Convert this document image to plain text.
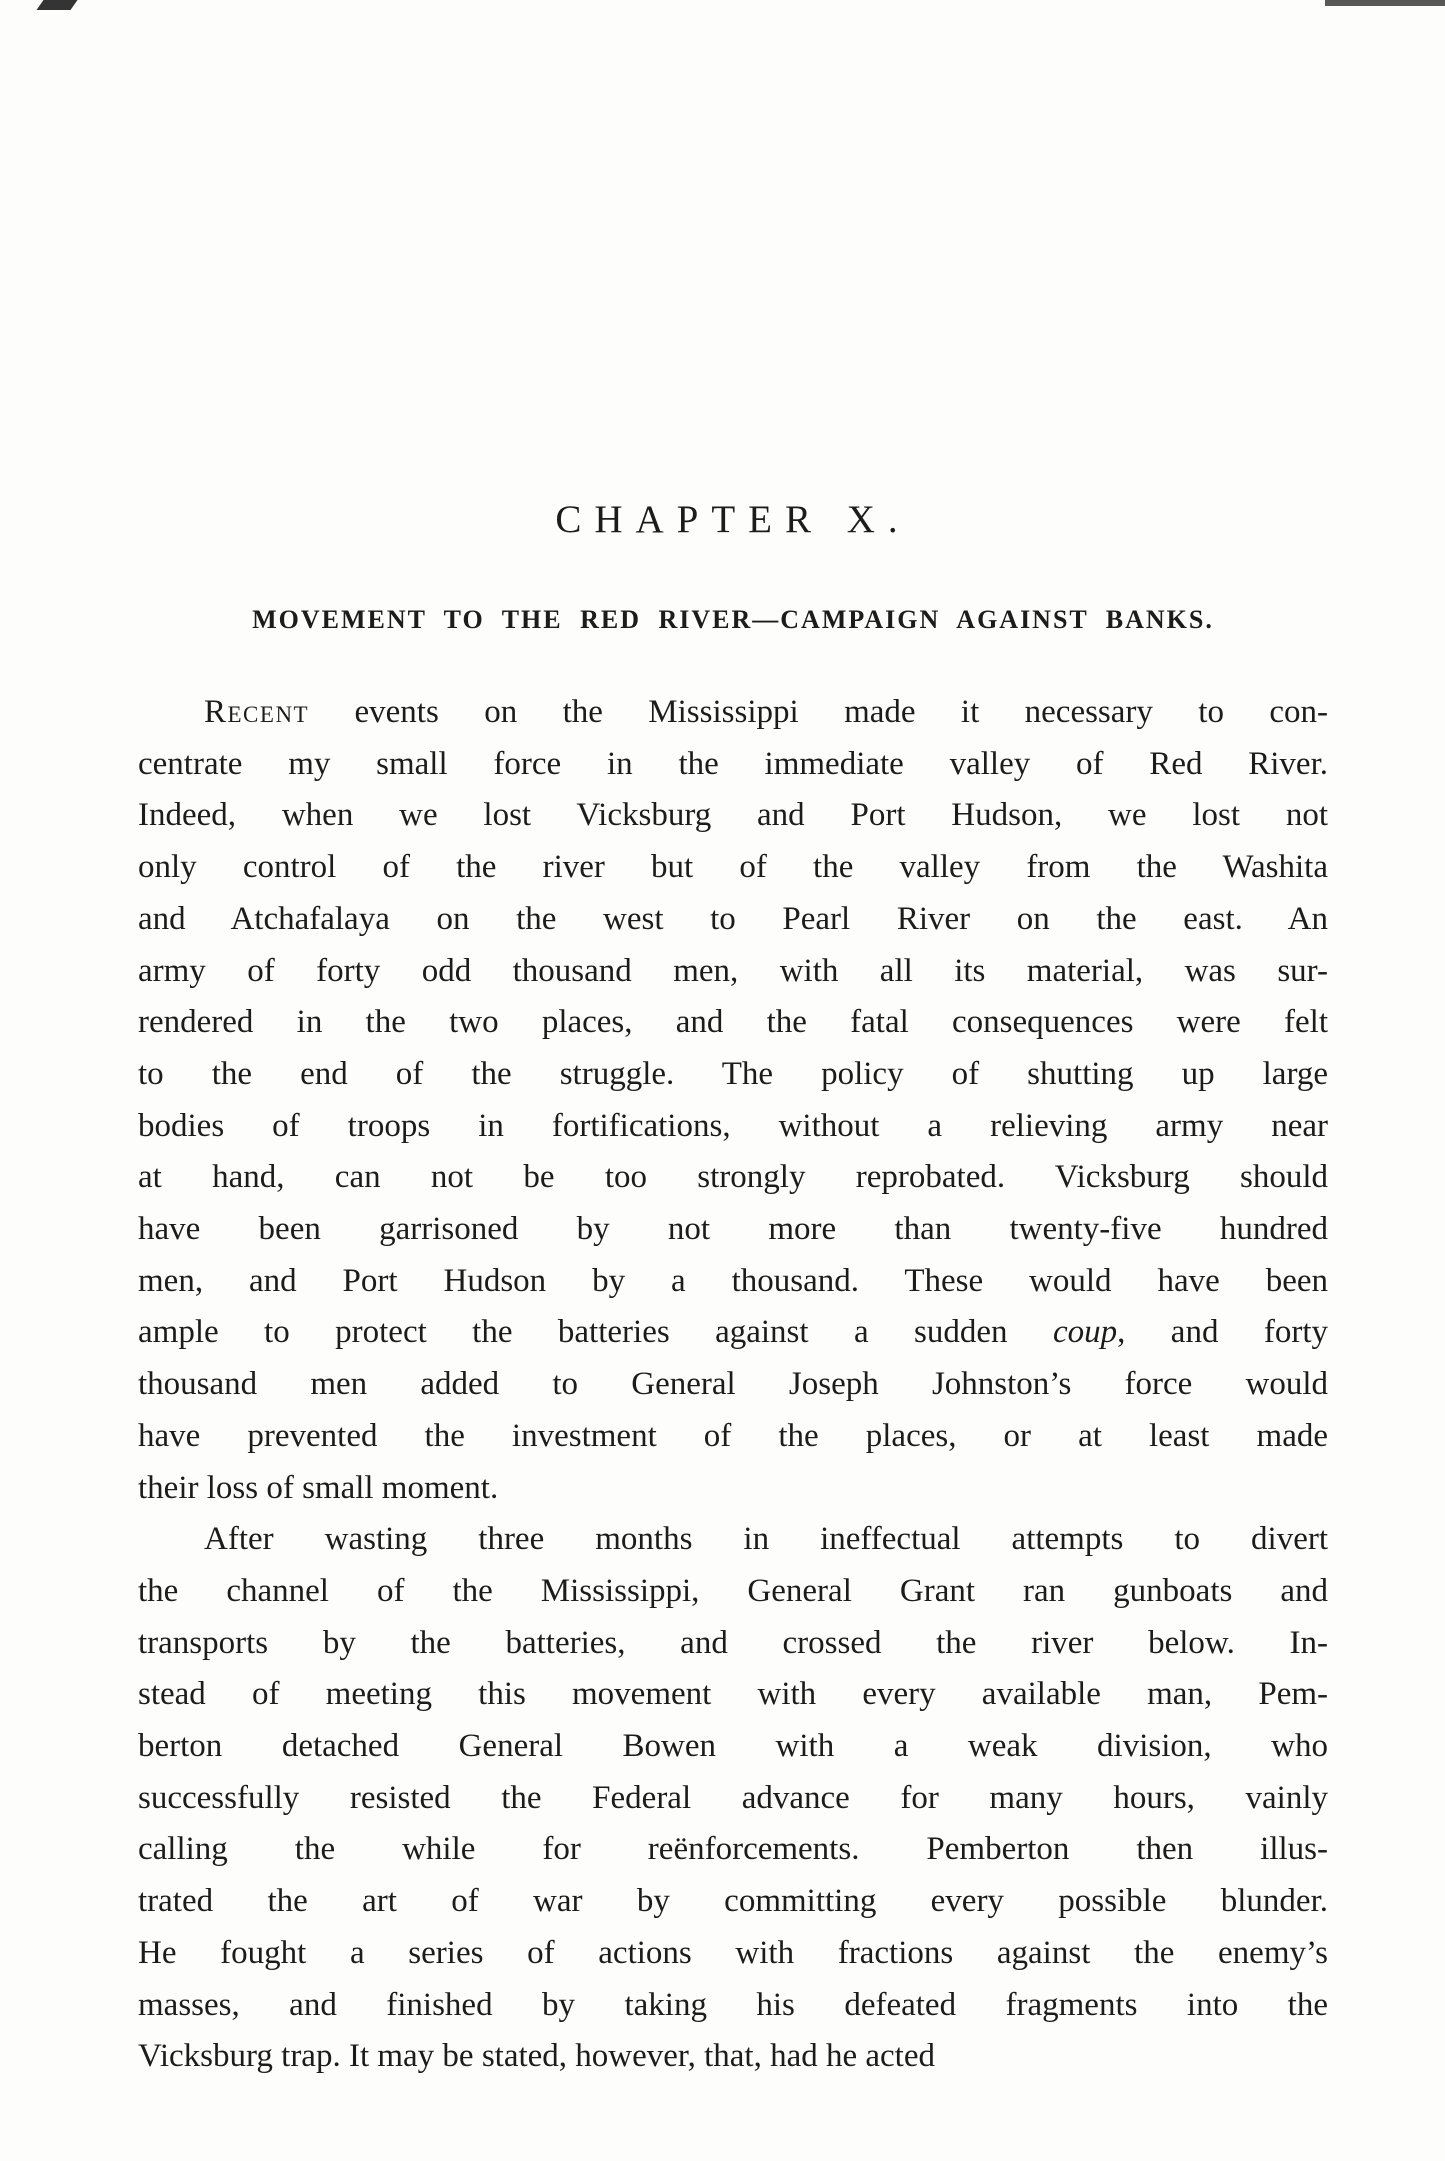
CHAPTER X.
MOVEMENT TO THE RED RIVER—CAMPAIGN AGAINST BANKS.
Recent events on the Mississippi made it necessary to con-
centrate my small force in the immediate valley of Red River.
Indeed, when we lost Vicksburg and Port Hudson, we lost not
only control of the river but of the valley from the Washita
and Atchafalaya on the west to Pearl River on the east. An
army of forty odd thousand men, with all its material, was sur-
rendered in the two places, and the fatal consequences were felt
to the end of the struggle. The policy of shutting up large
bodies of troops in fortifications, without a relieving army near
at hand, can not be too strongly reprobated. Vicksburg should
have been garrisoned by not more than twenty-five hundred
men, and Port Hudson by a thousand. These would have been
ample to protect the batteries against a sudden coup, and forty
thousand men added to General Joseph Johnston’s force would
have prevented the investment of the places, or at least made
their loss of small moment.
After wasting three months in ineffectual attempts to divert
the channel of the Mississippi, General Grant ran gunboats and
transports by the batteries, and crossed the river below. In-
stead of meeting this movement with every available man, Pem-
berton detached General Bowen with a weak division, who
successfully resisted the Federal advance for many hours, vainly
calling the while for reënforcements. Pemberton then illus-
trated the art of war by committing every possible blunder.
He fought a series of actions with fractions against the enemy’s
masses, and finished by taking his defeated fragments into the
Vicksburg trap. It may be stated, however, that, had he acted
